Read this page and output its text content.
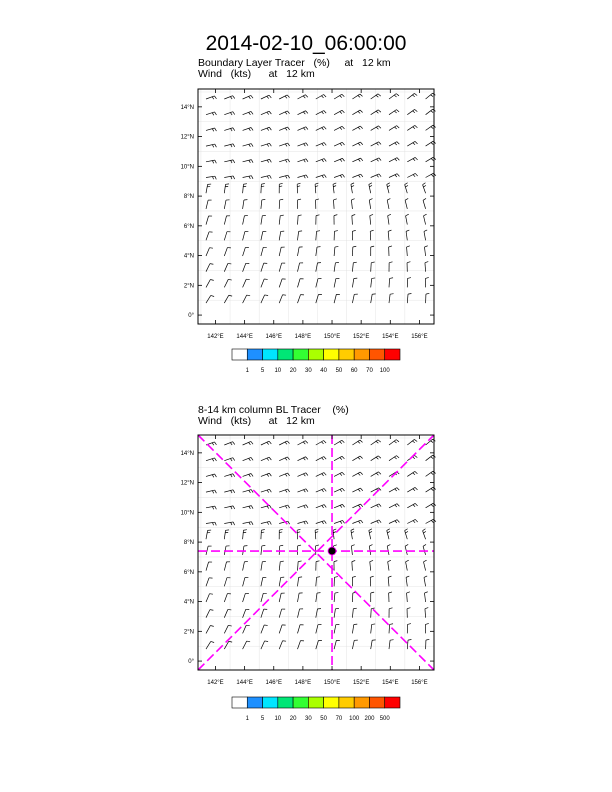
2014-02-10_06:00:00
Boundary Layer Tracer   (%)     at   12 km
Wind   (kts)      at   12 km
8-14 km column BL Tracer    (%)
Wind   (kts)      at   12 km
14°N
12°N
10°N
8°N
6°N
4°N
2°N
0°
142°E 144°E 146°E 148°E 150°E 152°E 154°E 156°E
1 5 10 20 30 40 50 60 70 100
14°N
12°N
10°N
8°N
6°N
4°N
2°N
0°
142°E 144°E 146°E 148°E 150°E 152°E 154°E 156°E
1 5 10 20 30 50 70 100 200 500
